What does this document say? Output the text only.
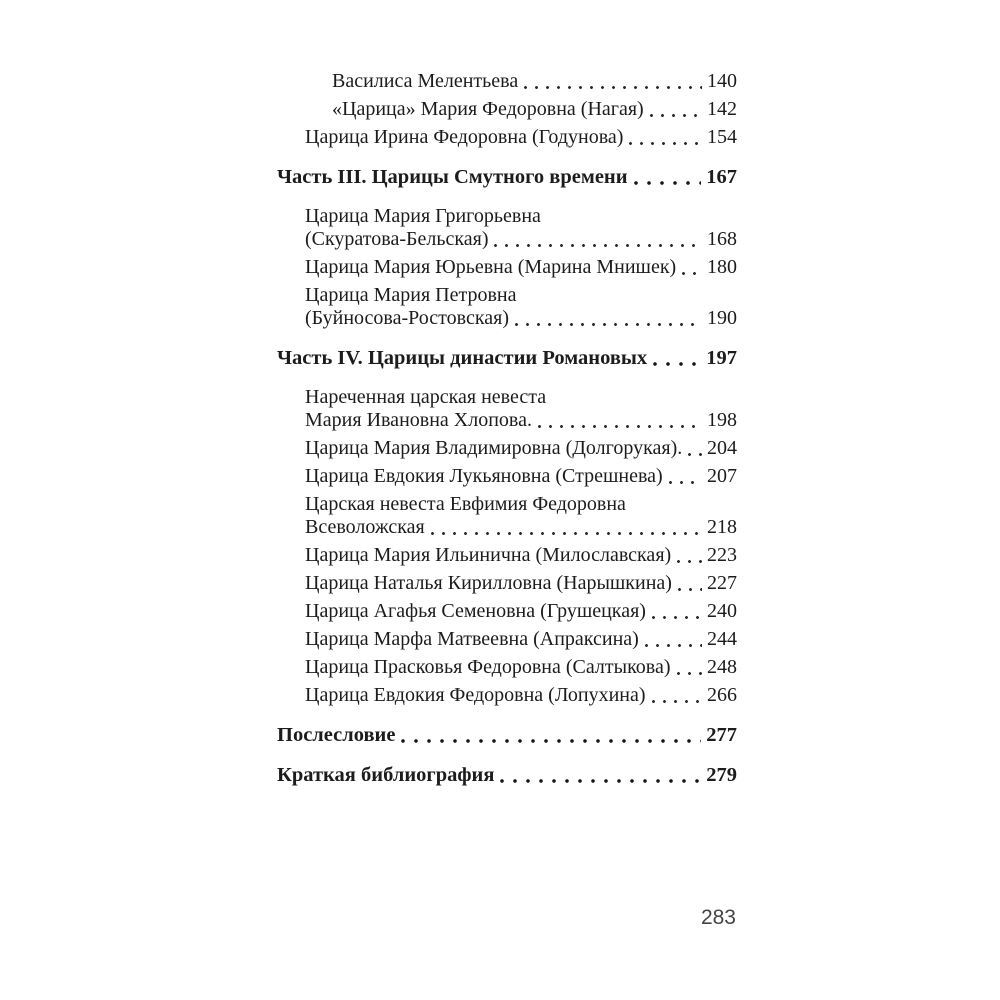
Василиса Мелентьева	140
«Царица» Мария Федоровна (Нагая)	142
Царица Ирина Федоровна (Годунова)	154
Часть III. Царицы Смутного времени	167
Царица Мария Григорьевна
(Скуратова-Бельская)	168
Царица Мария Юрьевна (Марина Мнишек) 180
Царица Мария Петровна
(Буйносова-Ростовская)	190
Часть IV. Царицы династии Романовых	197
Нареченная царская невеста
Мария Ивановна Хлопова.	198
Царица Мария Владимировна (Долгорукая). 204
Царица Евдокия Лукьяновна (Стрешнева) 207
Царская невеста Евфимия Федоровна
Всеволожская	218
Царица Мария Ильинична (Милославская) 223
Царица Наталья Кирилловна (Нарышкина) 227
Царица Агафья Семеновна (Грушецкая)	240
Царица Марфа Матвеевна (Апраксина)	244
Царица Прасковья Федоровна (Салтыкова) 248
Царица Евдокия Федоровна (Лопухина)	266
Послесловие	277
Краткая библиография	279
283
